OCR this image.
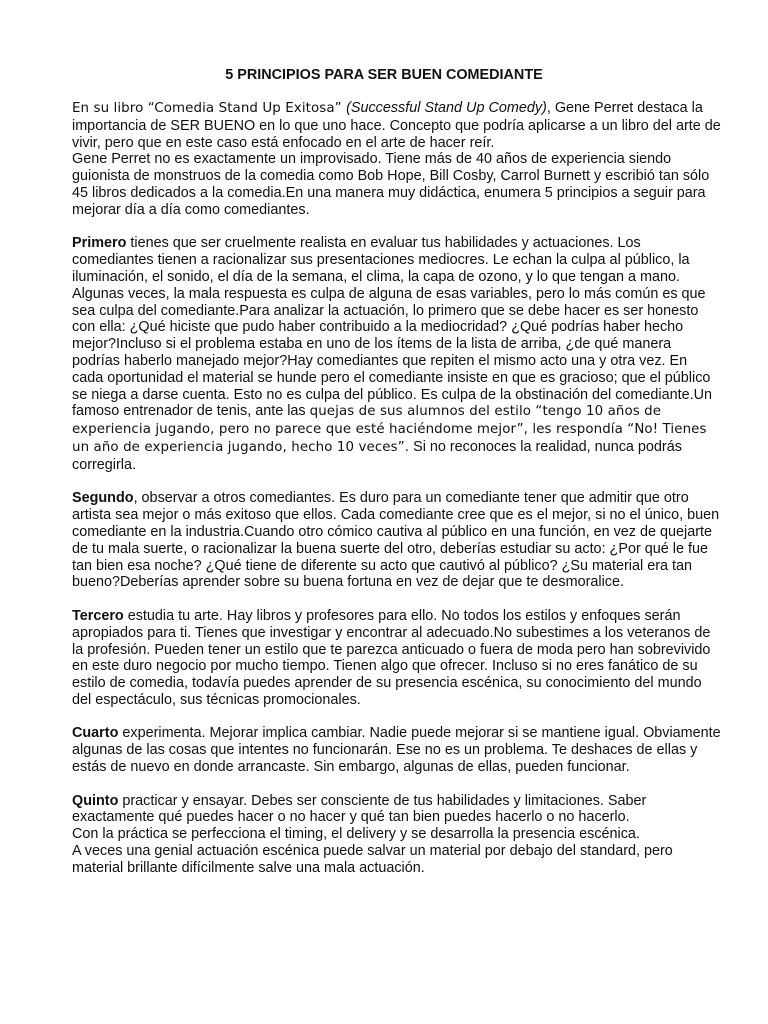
5 PRINCIPIOS PARA SER BUEN COMEDIANTE

En su libro “Comedia Stand Up Exitosa” (Successful Stand Up Comedy), Gene Perret destaca la importancia de SER BUENO en lo que uno hace. Concepto que podría aplicarse a un libro del arte de vivir, pero que en este caso está enfocado en el arte de hacer reír.
Gene Perret no es exactamente un improvisado. Tiene más de 40 años de experiencia siendo guionista de monstruos de la comedia como Bob Hope, Bill Cosby, Carrol Burnett y escribió tan sólo 45 libros dedicados a la comedia.En una manera muy didáctica, enumera 5 principios a seguir para mejorar día a día como comediantes.

Primero tienes que ser cruelmente realista en evaluar tus habilidades y actuaciones. Los comediantes tienen a racionalizar sus presentaciones mediocres. Le echan la culpa al público, la iluminación, el sonido, el día de la semana, el clima, la capa de ozono, y lo que tengan a mano.
Algunas veces, la mala respuesta es culpa de alguna de esas variables, pero lo más común es que sea culpa del comediante.Para analizar la actuación, lo primero que se debe hacer es ser honesto con ella: ¿Qué hiciste que pudo haber contribuido a la mediocridad? ¿Qué podrías haber hecho mejor?Incluso si el problema estaba en uno de los ítems de la lista de arriba, ¿de qué manera podrías haberlo manejado mejor?Hay comediantes que repiten el mismo acto una y otra vez. En cada oportunidad el material se hunde pero el comediante insiste en que es gracioso; que el público se niega a darse cuenta. Esto no es culpa del público. Es culpa de la obstinación del comediante.Un famoso entrenador de tenis, ante las quejas de sus alumnos del estilo “tengo 10 años de experiencia jugando, pero no parece que esté haciéndome mejor”, les respondía “No! Tienes un año de experiencia jugando, hecho 10 veces”. Si no reconoces la realidad, nunca podrás corregirla.

Segundo, observar a otros comediantes. Es duro para un comediante tener que admitir que otro artista sea mejor o más exitoso que ellos. Cada comediante cree que es el mejor, si no el único, buen comediante en la industria.Cuando otro cómico cautiva al público en una función, en vez de quejarte de tu mala suerte, o racionalizar la buena suerte del otro, deberías estudiar su acto: ¿Por qué le fue tan bien esa noche? ¿Qué tiene de diferente su acto que cautivó al público? ¿Su material era tan bueno?Deberías aprender sobre su buena fortuna en vez de dejar que te desmoralice.

Tercero estudia tu arte. Hay libros y profesores para ello. No todos los estilos y enfoques serán apropiados para ti. Tienes que investigar y encontrar al adecuado.No subestimes a los veteranos de la profesión. Pueden tener un estilo que te parezca anticuado o fuera de moda pero han sobrevivido en este duro negocio por mucho tiempo. Tienen algo que ofrecer. Incluso si no eres fanático de su estilo de comedia, todavía puedes aprender de su presencia escénica, su conocimiento del mundo del espectáculo, sus técnicas promocionales.

Cuarto experimenta. Mejorar implica cambiar. Nadie puede mejorar si se mantiene igual. Obviamente algunas de las cosas que intentes no funcionarán. Ese no es un problema. Te deshaces de ellas y estás de nuevo en donde arrancaste. Sin embargo, algunas de ellas, pueden funcionar.

Quinto practicar y ensayar. Debes ser consciente de tus habilidades y limitaciones. Saber exactamente qué puedes hacer o no hacer y qué tan bien puedes hacerlo o no hacerlo.
Con la práctica se perfecciona el timing, el delivery y se desarrolla la presencia escénica.
A veces una genial actuación escénica puede salvar un material por debajo del standard, pero material brillante difícilmente salve una mala actuación.
